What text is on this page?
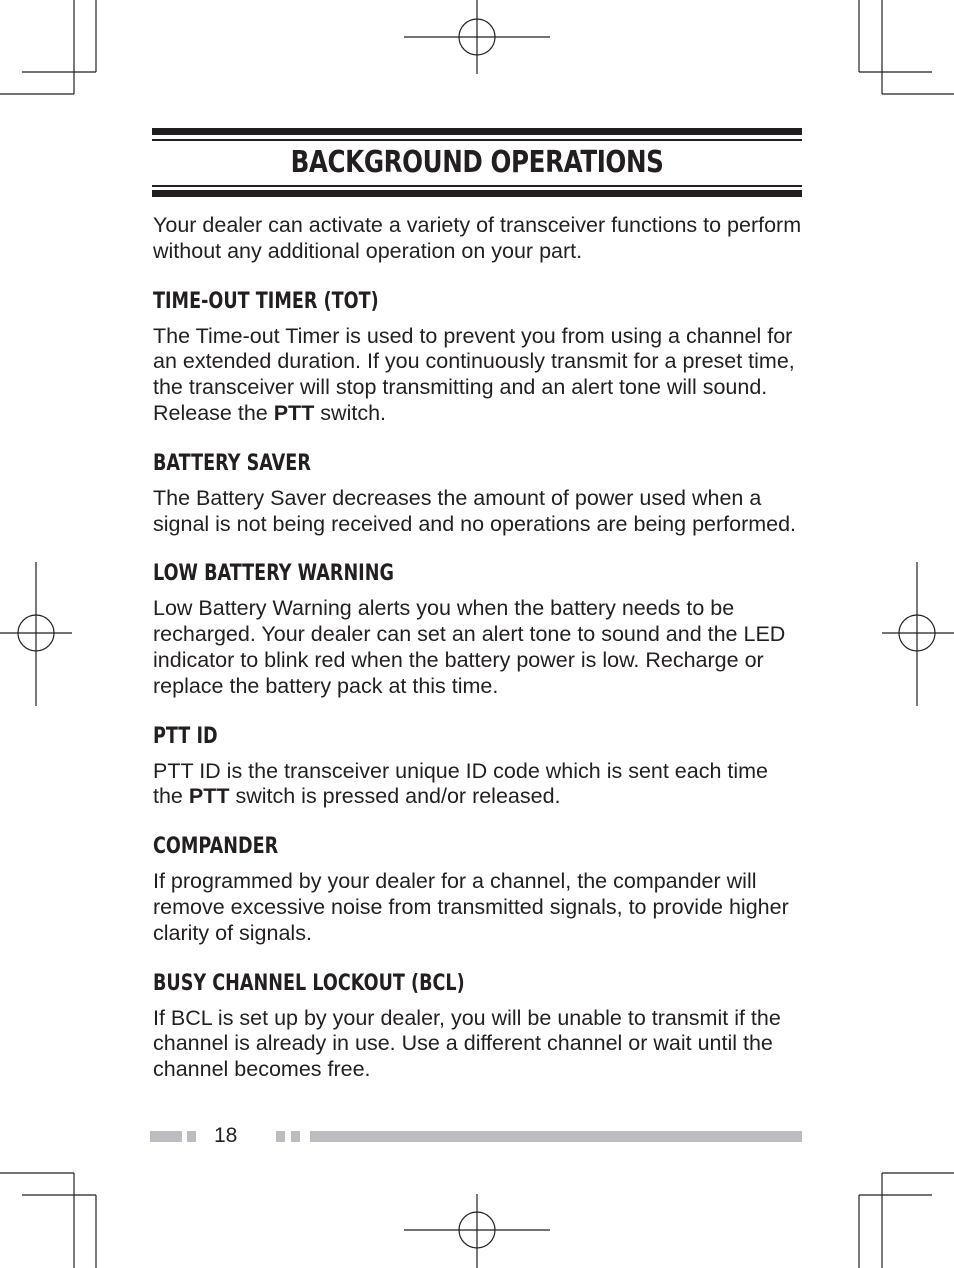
BACKGROUND OPERATIONS

Your dealer can activate a variety of transceiver functions to perform without any additional operation on your part.

TIME-OUT TIMER (TOT)

The Time-out Timer is used to prevent you from using a channel for an extended duration. If you continuously transmit for a preset time, the transceiver will stop transmitting and an alert tone will sound. Release the PTT switch.

BATTERY SAVER

The Battery Saver decreases the amount of power used when a signal is not being received and no operations are being performed.

LOW BATTERY WARNING

Low Battery Warning alerts you when the battery needs to be recharged. Your dealer can set an alert tone to sound and the LED indicator to blink red when the battery power is low. Recharge or replace the battery pack at this time.

PTT ID

PTT ID is the transceiver unique ID code which is sent each time the PTT switch is pressed and/or released.

COMPANDER

If programmed by your dealer for a channel, the compander will remove excessive noise from transmitted signals, to provide higher clarity of signals.

BUSY CHANNEL LOCKOUT (BCL)

If BCL is set up by your dealer, you will be unable to transmit if the channel is already in use. Use a different channel or wait until the channel becomes free.

18
